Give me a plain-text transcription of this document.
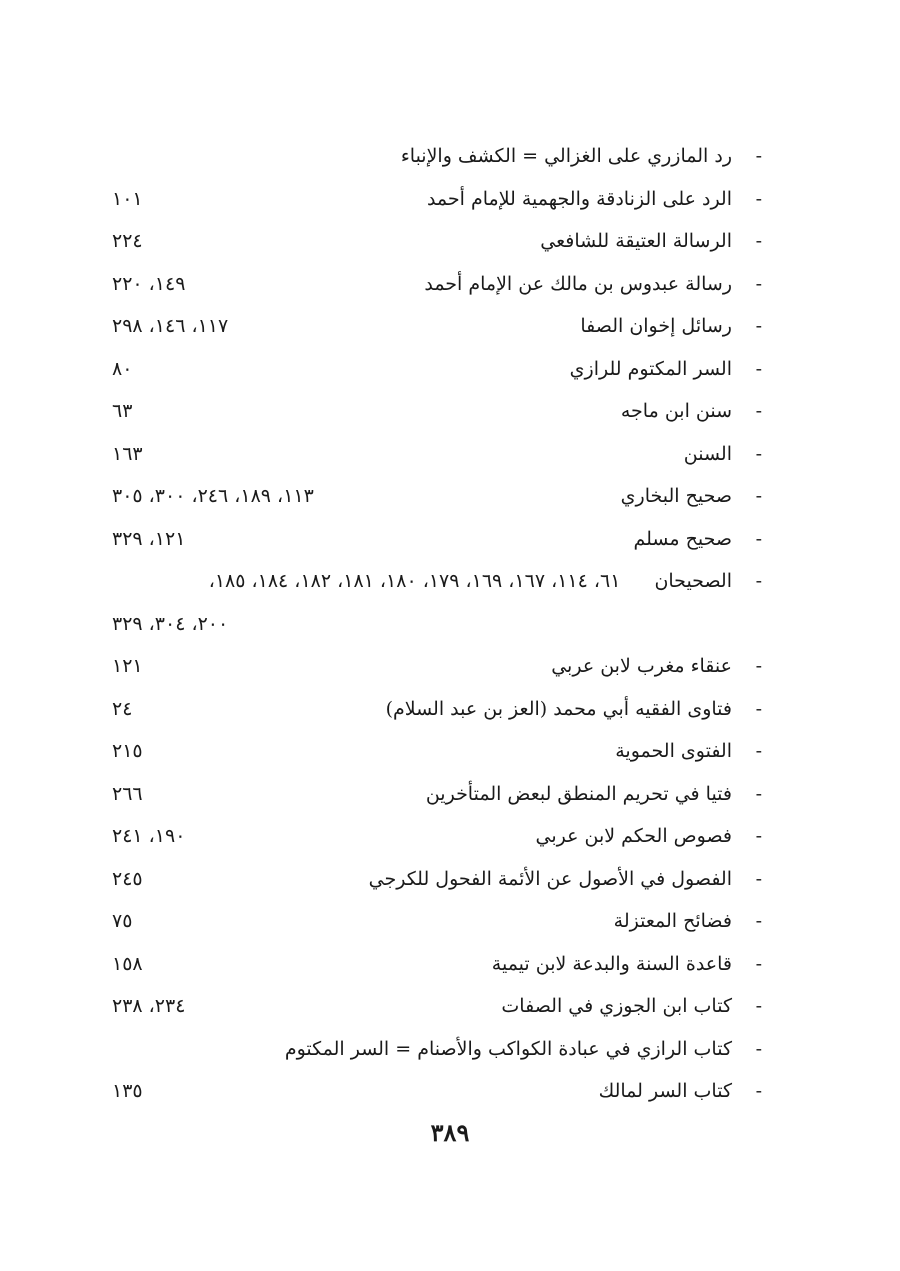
-
رد المازري على الغزالي = الكشف والإنباء
-
الرد على الزنادقة والجهمية للإمام أحمد
١٠١
-
الرسالة العتيقة للشافعي
٢٢٤
-
رسالة عبدوس بن مالك عن الإمام أحمد
١٤٩، ٢٢٠
-
رسائل إخوان الصفا
١١٧، ١٤٦، ٢٩٨
-
السر المكتوم للرازي
٨٠
-
سنن ابن ماجه
٦٣
-
السنن
١٦٣
-
صحيح البخاري
١١٣، ١٨٩، ٢٤٦، ٣٠٠، ٣٠٥
-
صحيح مسلم
١٢١، ٣٢٩
-
الصحيحان
٦١، ١١٤، ١٦٧، ١٦٩، ١٧٩، ١٨٠، ١٨١، ١٨٢، ١٨٤، ١٨٥،
٢٠٠، ٣٠٤، ٣٢٩
-
عنقاء مغرب لابن عربي
١٢١
-
فتاوى الفقيه أبي محمد (العز بن عبد السلام)
٢٤
-
الفتوى الحموية
٢١٥
-
فتيا في تحريم المنطق لبعض المتأخرين
٢٦٦
-
فصوص الحكم لابن عربي
١٩٠، ٢٤١
-
الفصول في الأصول عن الأئمة الفحول للكرجي
٢٤٥
-
فضائح المعتزلة
٧٥
-
قاعدة السنة والبدعة لابن تيمية
١٥٨
-
كتاب ابن الجوزي في الصفات
٢٣٤، ٢٣٨
-
كتاب الرازي في عبادة الكواكب والأصنام = السر المكتوم
-
كتاب السر لمالك
١٣٥
٣٨٩
